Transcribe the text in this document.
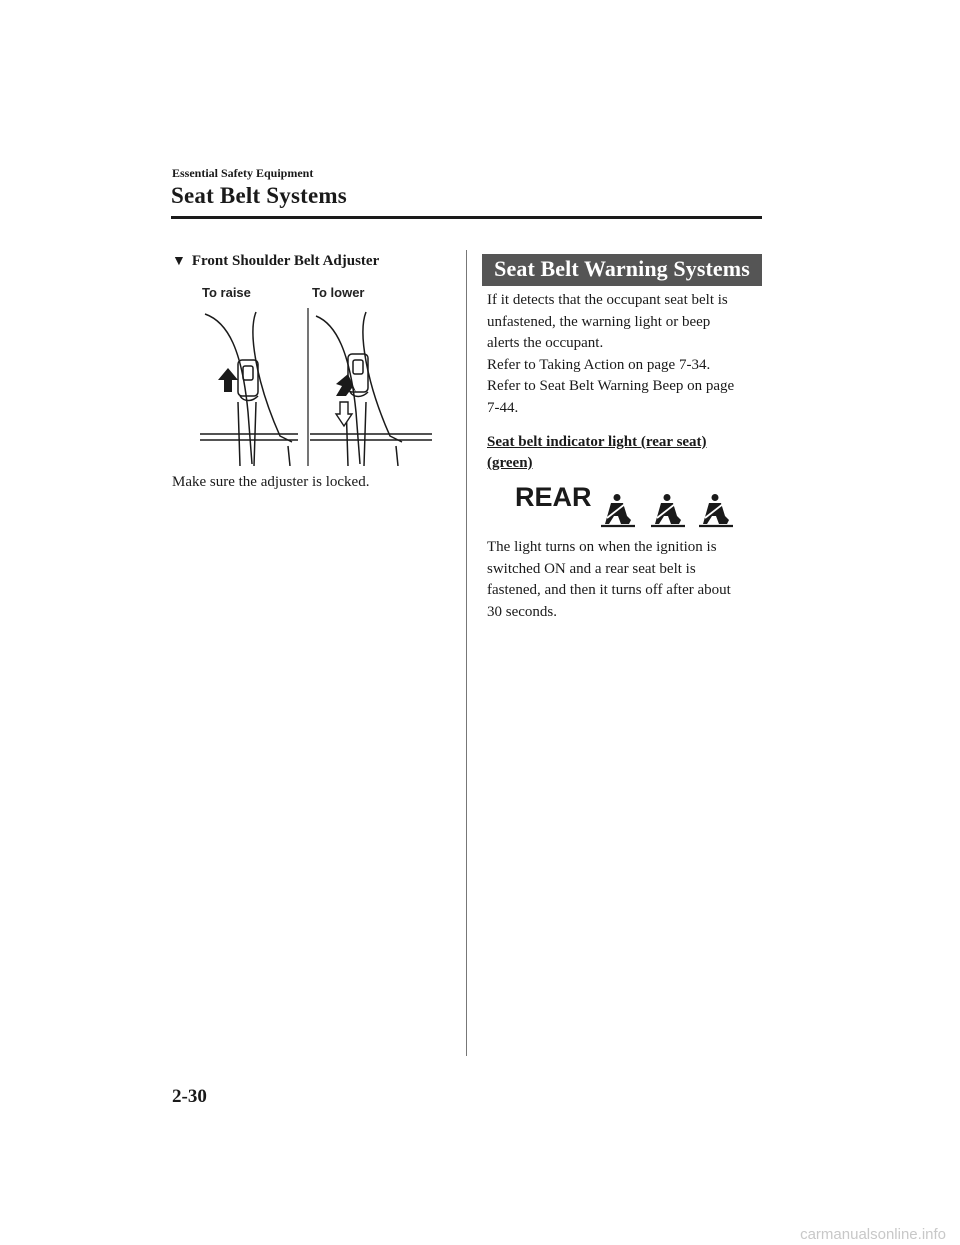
Essential Safety Equipment
Seat Belt Systems
▼ Front Shoulder Belt Adjuster
To raise	To lower
Make sure the adjuster is locked.
Seat Belt Warning Systems
If it detects that the occupant seat belt is
unfastened, the warning light or beep
alerts the occupant.
Refer to Taking Action on page 7-34.
Refer to Seat Belt Warning Beep on page
7-44.
Seat belt indicator light (rear seat)
(green)
REAR
The light turns on when the ignition is
switched ON and a rear seat belt is
fastened, and then it turns off after about
30 seconds.
2-30
carmanualsonline.info
